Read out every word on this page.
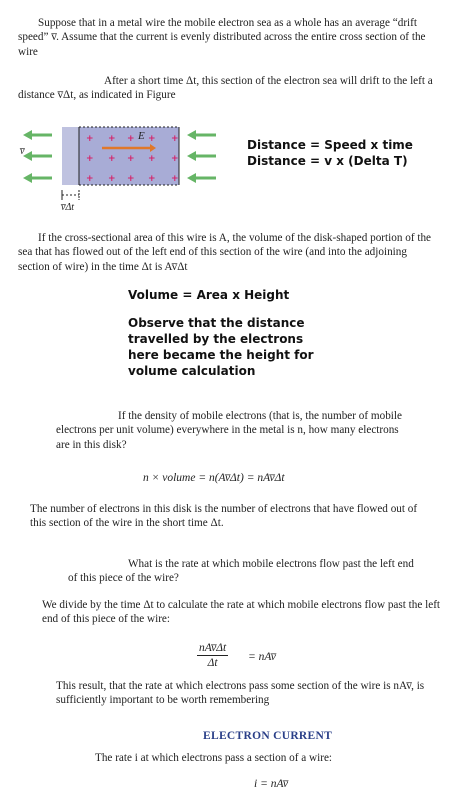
Suppose that in a metal wire the mobile electron sea as a whole has an average “drift speed” v̅. Assume that the current is evenly distributed across the entire cross section of the wire
After a short time Δt, this section of the electron sea will drift to the left a distance v̅Δt, as indicated in Figure
+ + + + +
+ + + + +
+ + + + +
E
v̅
v̅Δt
Distance = Speed x time
Distance = v x (Delta T)
If the cross-sectional area of this wire is A, the volume of the disk-shaped portion of the sea that has flowed out of the left end of this section of the wire (and into the adjoining section of wire) in the time Δt is Av̅Δt
Volume = Area x Height
Observe that the distance travelled by the electrons here became the height for volume calculation
If the density of mobile electrons (that is, the number of mobile electrons per unit volume) everywhere in the metal is n, how many electrons are in this disk?
n × volume = n(Av̅Δt) = nAv̅Δt
The number of electrons in this disk is the number of electrons that have flowed out of this section of the wire in the short time Δt.
What is the rate at which mobile electrons flow past the left end of this piece of the wire?
We divide by the time Δt to calculate the rate at which mobile electrons flow past the left end of this piece of the wire:
nAv̅Δt
Δt	= nAv̅
This result, that the rate at which electrons pass some section of the wire is nAv̅, is sufficiently important to be worth remembering
ELECTRON CURRENT
The rate i at which electrons pass a section of a wire:
i = nAv̅
